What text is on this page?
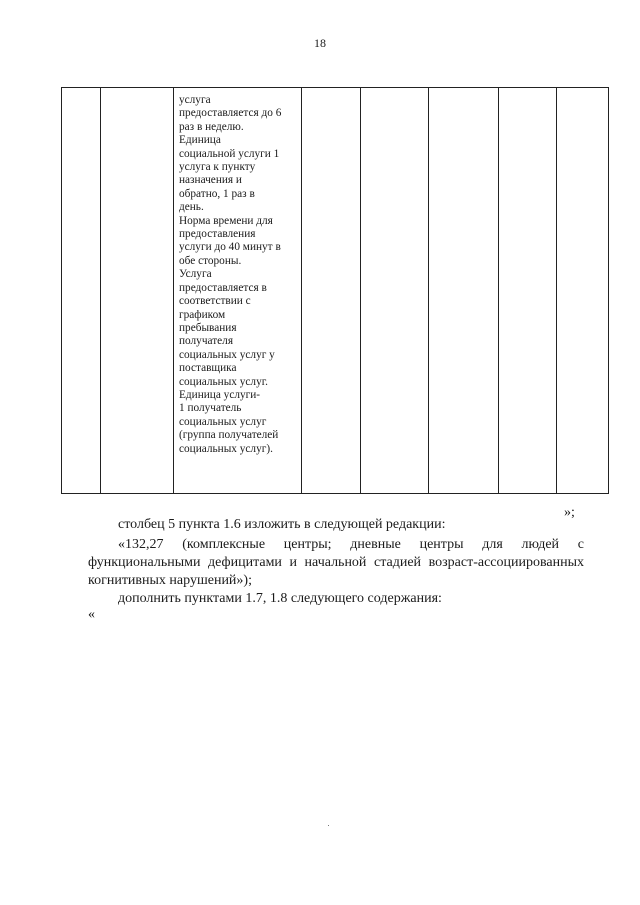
18

услуга

предоставляется до 6

раз в неделю.

Единица

социальной услуги 1

услуга к пункту

назначения и

обратно, 1 раз в

день.

Норма времени для

предоставления

услуги до 40 минут в

обе стороны.

Услуга

предоставляется в

соответствии с

графиком

пребывания

получателя

социальных услуг у

поставщика

социальных услуг.

Единица услуги-

1 получатель

социальных услуг

(группа получателей

социальных услуг).

»;

столбец 5 пункта 1.6 изложить в следующей редакции:

«132,27 (комплексные центры; дневные центры для людей с функциональными дефицитами и начальной стадией возраст-ассоциированных когнитивных нарушений»);

дополнить пунктами 1.7, 1.8 следующего содержания:

«
